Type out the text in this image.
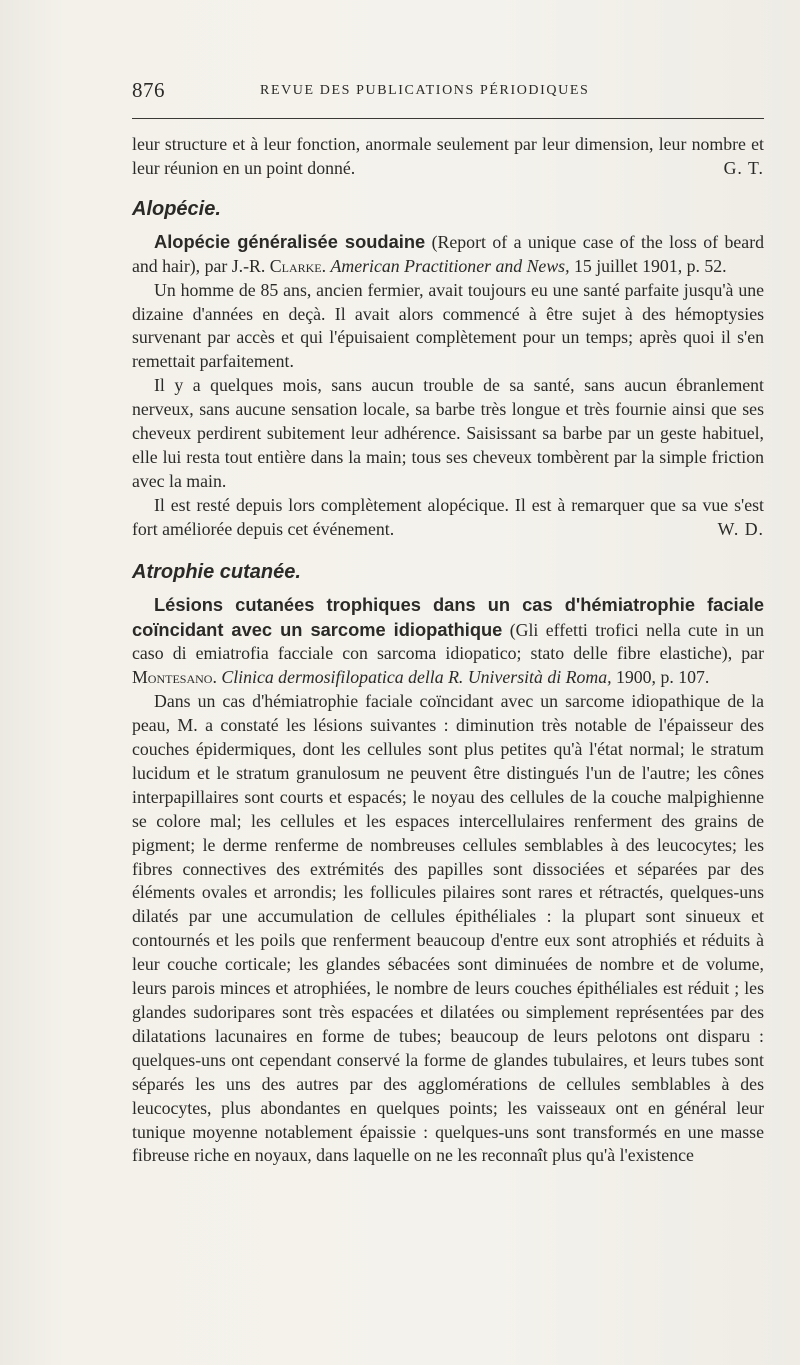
876	REVUE DES PUBLICATIONS PÉRIODIQUES

leur structure et à leur fonction, anormale seulement par leur dimension, leur nombre et leur réunion en un point donné.	G. T.

Alopécie.

Alopécie généralisée soudaine (Report of a unique case of the loss of beard and hair), par J.-R. Clarke. American Practitioner and News, 15 juillet 1901, p. 52.

Un homme de 85 ans, ancien fermier, avait toujours eu une santé parfaite jusqu'à une dizaine d'années en deçà. Il avait alors commencé à être sujet à des hémoptysies survenant par accès et qui l'épuisaient complètement pour un temps; après quoi il s'en remettait parfaitement.

Il y a quelques mois, sans aucun trouble de sa santé, sans aucun ébranlement nerveux, sans aucune sensation locale, sa barbe très longue et très fournie ainsi que ses cheveux perdirent subitement leur adhérence. Saisissant sa barbe par un geste habituel, elle lui resta tout entière dans la main; tous ses cheveux tombèrent par la simple friction avec la main.

Il est resté depuis lors complètement alopécique. Il est à remarquer que sa vue s'est fort améliorée depuis cet événement.	W. D.

Atrophie cutanée.

Lésions cutanées trophiques dans un cas d'hémiatrophie faciale coïncidant avec un sarcome idiopathique (Gli effetti trofici nella cute in un caso di emiatrofia facciale con sarcoma idiopatico; stato delle fibre elastiche), par Montesano. Clinica dermosifilopatica della R. Università di Roma, 1900, p. 107.

Dans un cas d'hémiatrophie faciale coïncidant avec un sarcome idiopathique de la peau, M. a constaté les lésions suivantes : diminution très notable de l'épaisseur des couches épidermiques, dont les cellules sont plus petites qu'à l'état normal; le stratum lucidum et le stratum granulosum ne peuvent être distingués l'un de l'autre; les cônes interpapillaires sont courts et espacés; le noyau des cellules de la couche malpighienne se colore mal; les cellules et les espaces intercellulaires renferment des grains de pigment; le derme renferme de nombreuses cellules semblables à des leucocytes; les fibres connectives des extrémités des papilles sont dissociées et séparées par des éléments ovales et arrondis; les follicules pilaires sont rares et rétractés, quelques-uns dilatés par une accumulation de cellules épithéliales : la plupart sont sinueux et contournés et les poils que renferment beaucoup d'entre eux sont atrophiés et réduits à leur couche corticale; les glandes sébacées sont diminuées de nombre et de volume, leurs parois minces et atrophiées, le nombre de leurs couches épithéliales est réduit ; les glandes sudoripares sont très espacées et dilatées ou simplement représentées par des dilatations lacunaires en forme de tubes; beaucoup de leurs pelotons ont disparu : quelques-uns ont cependant conservé la forme de glandes tubulaires, et leurs tubes sont séparés les uns des autres par des agglomérations de cellules semblables à des leucocytes, plus abondantes en quelques points; les vaisseaux ont en général leur tunique moyenne notablement épaissie : quelques-uns sont transformés en une masse fibreuse riche en noyaux, dans laquelle on ne les reconnaît plus qu'à l'existence
